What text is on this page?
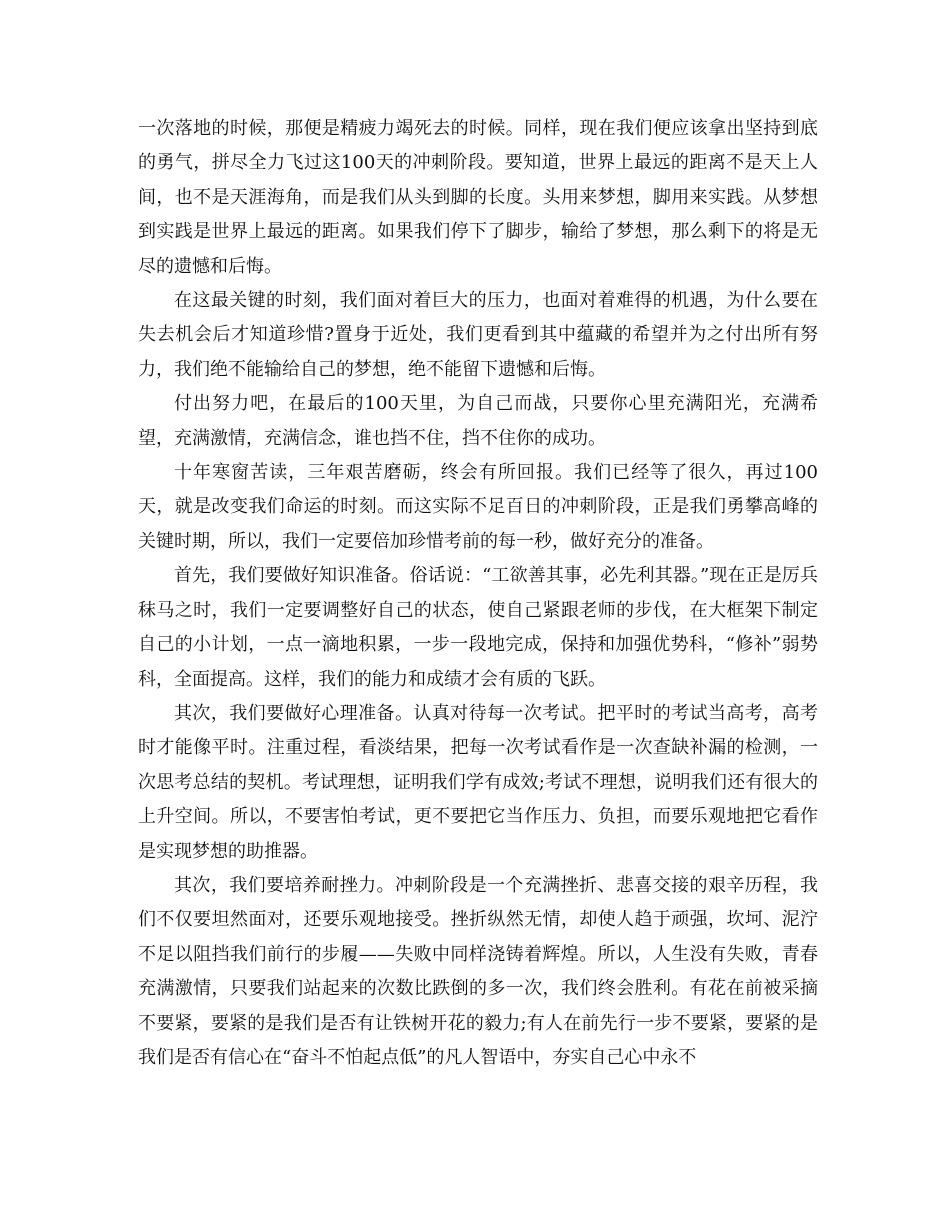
一次落地的时候，那便是精疲力竭死去的时候。同样，现在我们便应该拿出坚持到底的勇气，拼尽全力飞过这100天的冲刺阶段。要知道，世界上最远的距离不是天上人间，也不是天涯海角，而是我们从头到脚的长度。头用来梦想，脚用来实践。从梦想到实践是世界上最远的距离。如果我们停下了脚步，输给了梦想，那么剩下的将是无尽的遗憾和后悔。

在这最关键的时刻，我们面对着巨大的压力，也面对着难得的机遇，为什么要在失去机会后才知道珍惜?置身于近处，我们更看到其中蕴藏的希望并为之付出所有努力，我们绝不能输给自己的梦想，绝不能留下遗憾和后悔。

付出努力吧，在最后的100天里，为自己而战，只要你心里充满阳光，充满希望，充满激情，充满信念，谁也挡不住，挡不住你的成功。

十年寒窗苦读，三年艰苦磨砺，终会有所回报。我们已经等了很久，再过100天，就是改变我们命运的时刻。而这实际不足百日的冲刺阶段，正是我们勇攀高峰的关键时期，所以，我们一定要倍加珍惜考前的每一秒，做好充分的准备。

首先，我们要做好知识准备。俗话说：“工欲善其事，必先利其器。”现在正是厉兵秣马之时，我们一定要调整好自己的状态，使自己紧跟老师的步伐，在大框架下制定自己的小计划，一点一滴地积累，一步一段地完成，保持和加强优势科，“修补”弱势科，全面提高。这样，我们的能力和成绩才会有质的飞跃。

其次，我们要做好心理准备。认真对待每一次考试。把平时的考试当高考，高考时才能像平时。注重过程，看淡结果，把每一次考试看作是一次查缺补漏的检测，一次思考总结的契机。考试理想，证明我们学有成效;考试不理想，说明我们还有很大的上升空间。所以，不要害怕考试，更不要把它当作压力、负担，而要乐观地把它看作是实现梦想的助推器。

其次，我们要培养耐挫力。冲刺阶段是一个充满挫折、悲喜交接的艰辛历程，我们不仅要坦然面对，还要乐观地接受。挫折纵然无情，却使人趋于顽强，坎坷、泥泞不足以阻挡我们前行的步履——失败中同样浇铸着辉煌。所以，人生没有失败，青春充满激情，只要我们站起来的次数比跌倒的多一次，我们终会胜利。有花在前被采摘不要紧，要紧的是我们是否有让铁树开花的毅力;有人在前先行一步不要紧，要紧的是我们是否有信心在“奋斗不怕起点低”的凡人智语中，夯实自己心中永不
